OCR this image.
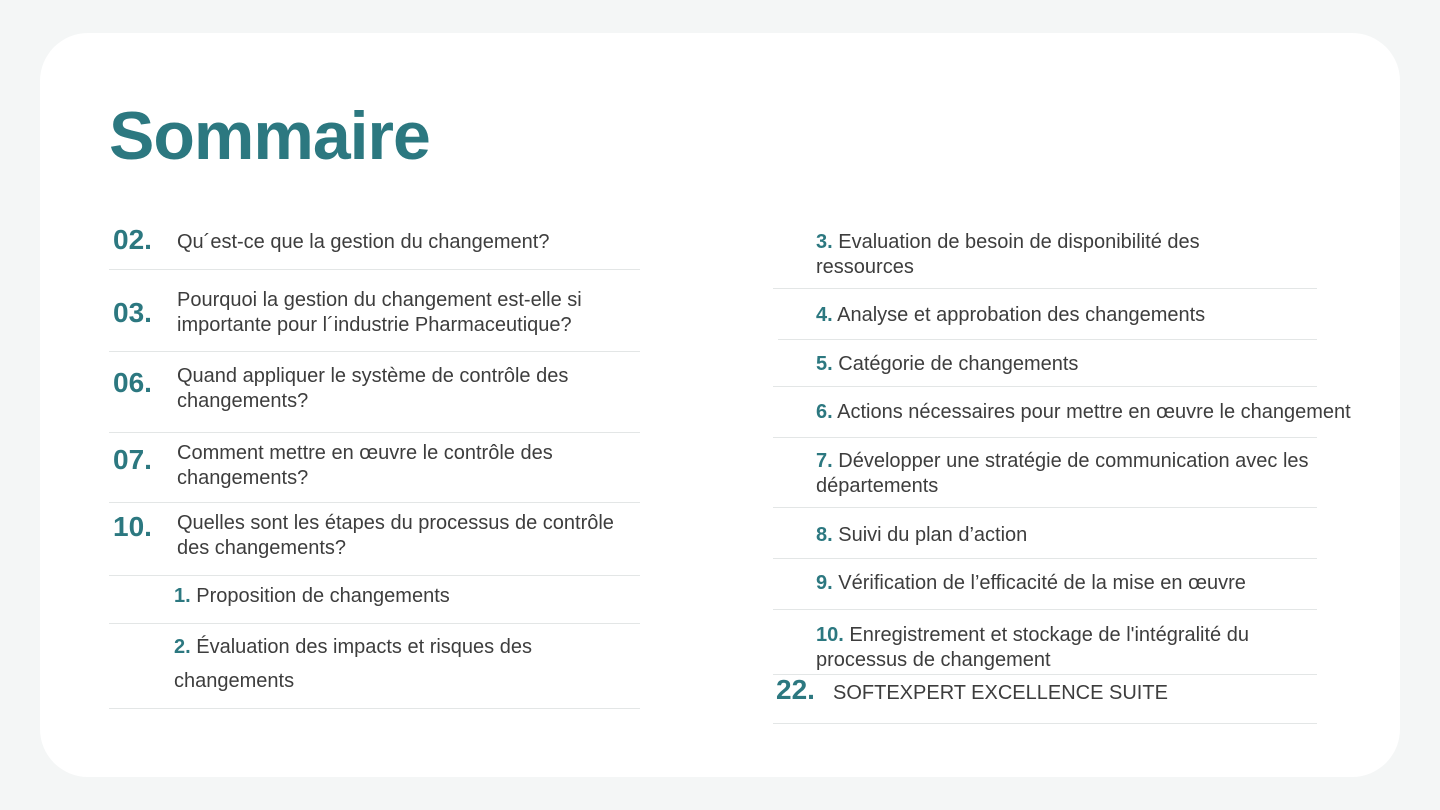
Sommaire
02.	Qu´est-ce que la gestion du changement?
03.	Pourquoi la gestion du changement est-elle si importante pour l´industrie Pharmaceutique?
06.	Quand appliquer le système de contrôle des changements?
07.	Comment mettre en œuvre le contrôle des changements?
10.	Quelles sont les étapes du processus de contrôle des changements?
1. Proposition de changements
2. Évaluation des impacts et risques des changements
3. Evaluation de besoin de disponibilité des ressources
4. Analyse et approbation des changements
5. Catégorie de changements
6. Actions nécessaires pour mettre en œuvre le changement
7. Développer une stratégie de communication avec les départements
8. Suivi du plan d’action
9. Vérification de l’efficacité de la mise en œuvre
10. Enregistrement et stockage de l'intégralité du processus de changement
22. SOFTEXPERT EXCELLENCE SUITE
